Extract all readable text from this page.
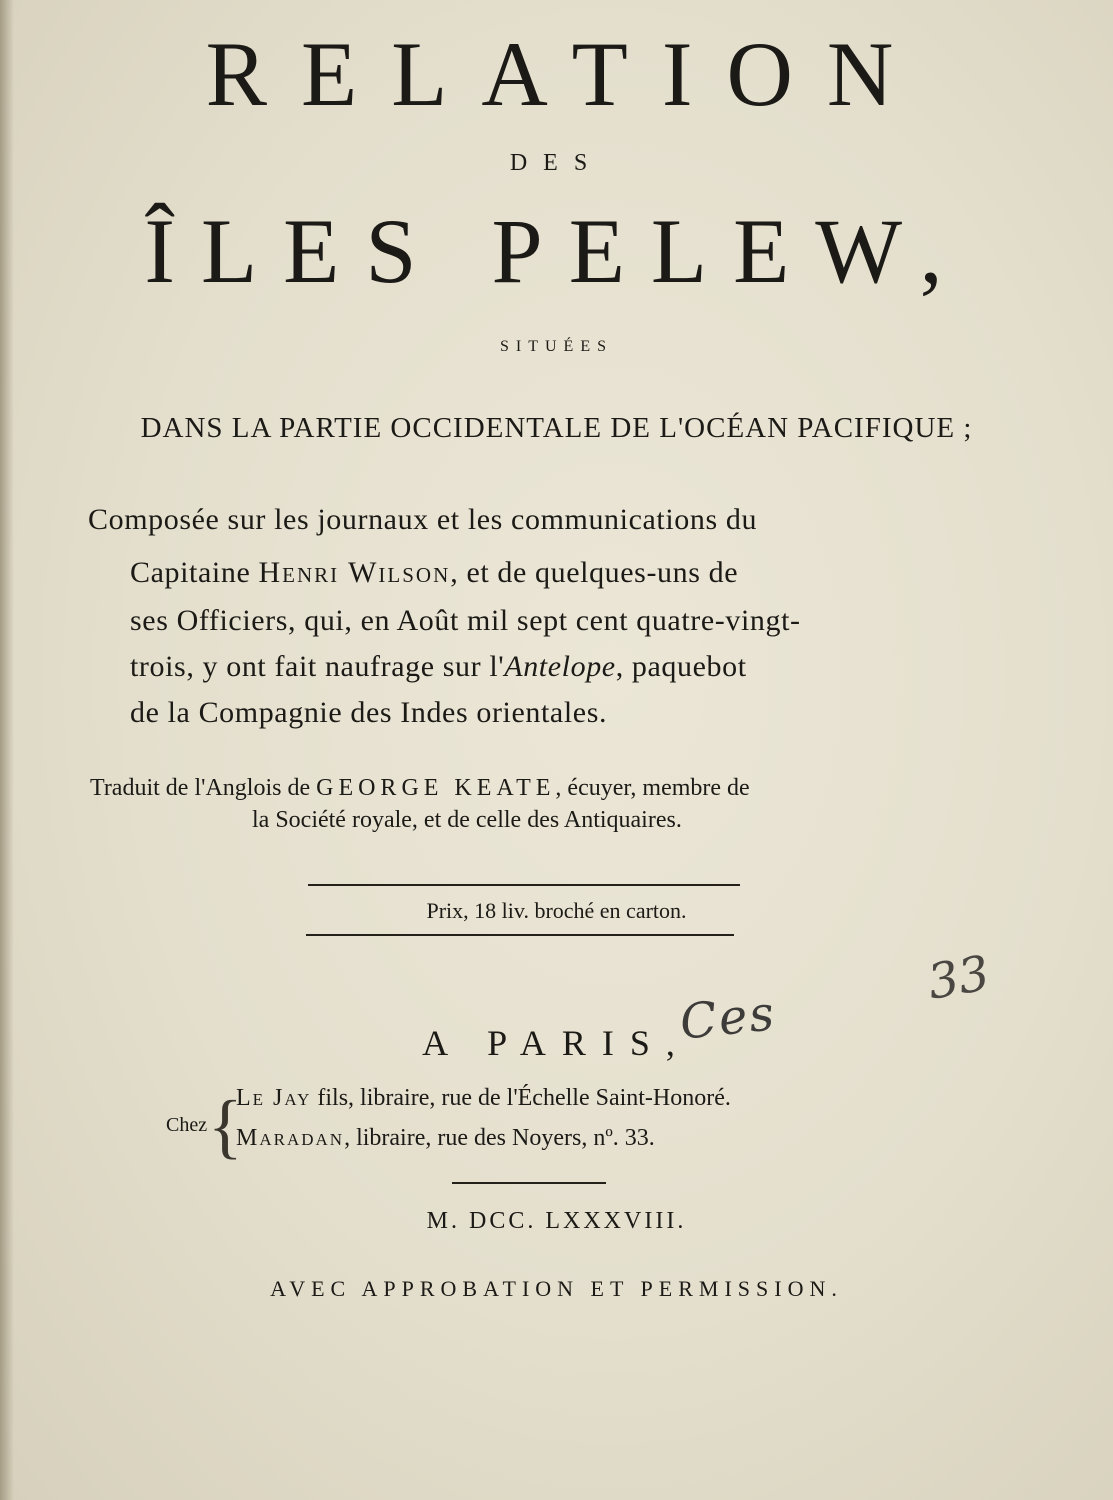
RELATION
DES
ÎLES PELEW,
SITUÉES
DANS LA PARTIE OCCIDENTALE DE L'OCÉAN PACIFIQUE ;
Composée sur les journaux et les communications du
Capitaine Henri Wilson, et de quelques-uns de
ses Officiers, qui, en Août mil sept cent quatre-vingt-
trois, y ont fait naufrage sur l'Antelope, paquebot
de la Compagnie des Indes orientales.
Traduit de l'Anglois de GEORGE KEATE, écuyer, membre de
la Société royale, et de celle des Antiquaires.
Prix, 18 liv. broché en carton.
A PARIS,
Ces
33
Chez {
Le Jay fils, libraire, rue de l'Échelle Saint-Honoré.
Maradan, libraire, rue des Noyers, nº. 33.
M. DCC. LXXXVIII.
AVEC APPROBATION ET PERMISSION.
